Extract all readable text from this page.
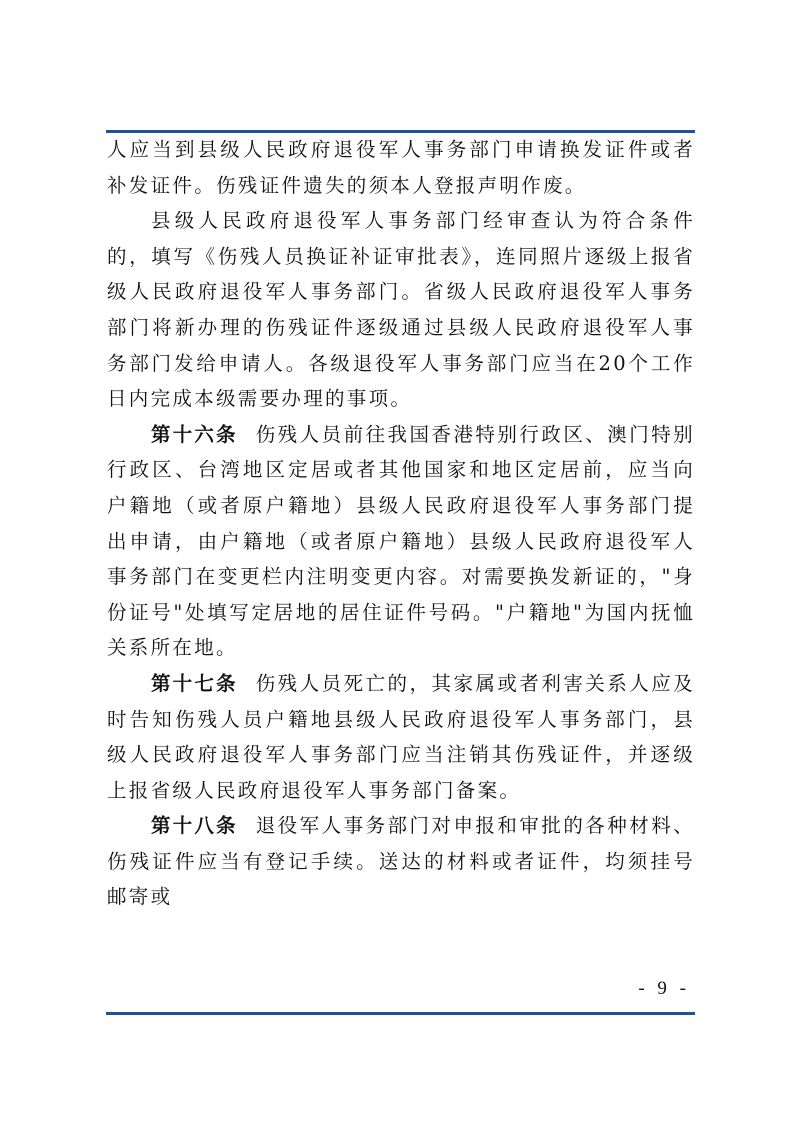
人应当到县级人民政府退役军人事务部门申请换发证件或者补发证件。伤残证件遗失的须本人登报声明作废。

县级人民政府退役军人事务部门经审查认为符合条件的，填写《伤残人员换证补证审批表》，连同照片逐级上报省级人民政府退役军人事务部门。省级人民政府退役军人事务部门将新办理的伤残证件逐级通过县级人民政府退役军人事务部门发给申请人。各级退役军人事务部门应当在20个工作日内完成本级需要办理的事项。

第十六条 伤残人员前往我国香港特别行政区、澳门特别行政区、台湾地区定居或者其他国家和地区定居前，应当向户籍地（或者原户籍地）县级人民政府退役军人事务部门提出申请，由户籍地（或者原户籍地）县级人民政府退役军人事务部门在变更栏内注明变更内容。对需要换发新证的，"身份证号"处填写定居地的居住证件号码。"户籍地"为国内抚恤关系所在地。

第十七条 伤残人员死亡的，其家属或者利害关系人应及时告知伤残人员户籍地县级人民政府退役军人事务部门，县级人民政府退役军人事务部门应当注销其伤残证件，并逐级上报省级人民政府退役军人事务部门备案。

第十八条 退役军人事务部门对申报和审批的各种材料、伤残证件应当有登记手续。送达的材料或者证件，均须挂号邮寄或

- 9 -
